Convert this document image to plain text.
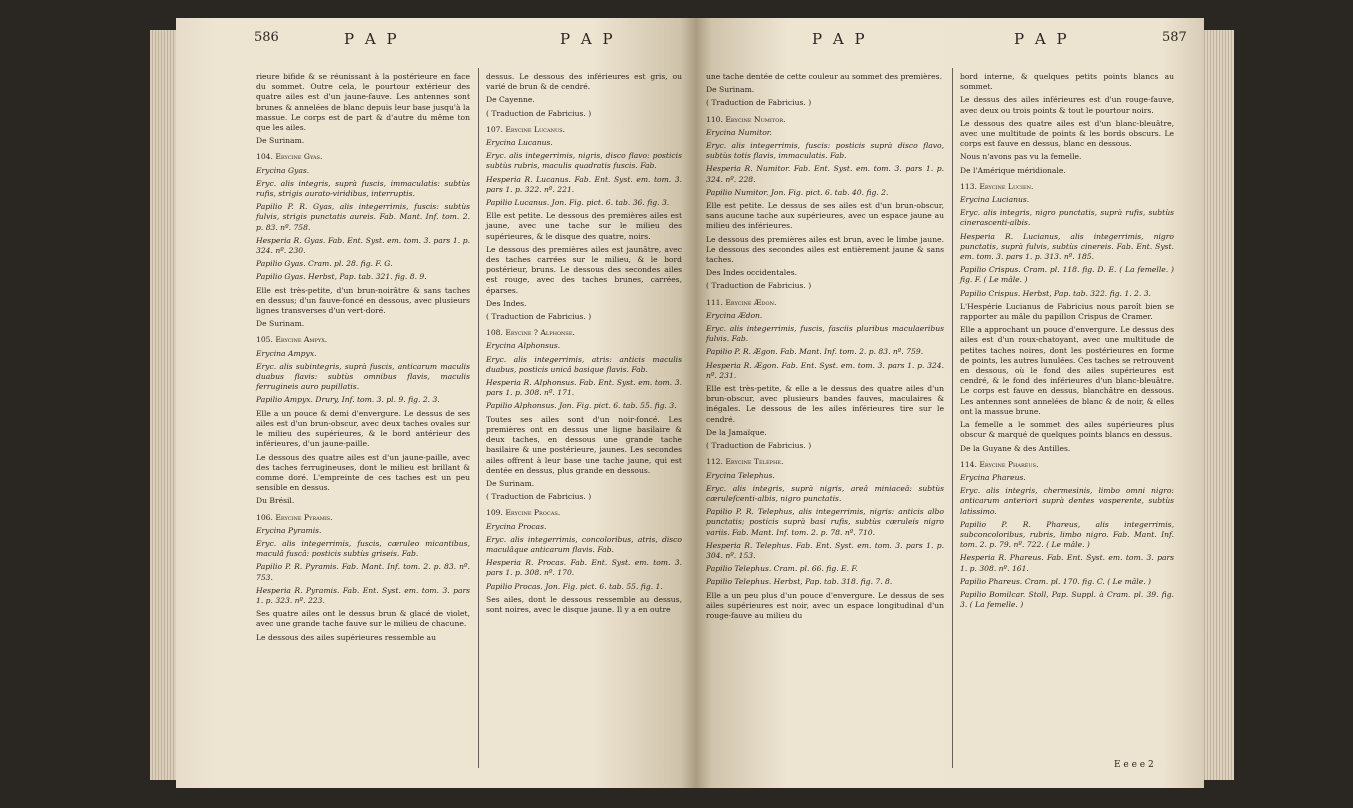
586	P A P	P A P

rieure bifide & se réunissant à la postérieure en face du sommet. Outre cela, le pourtour extérieur des quatre ailes est d'un jaune-fauve. Les antennes sont brunes & annelées de blanc depuis leur base jusqu'à la massue. Le corps est de part & d'autre du même ton que les ailes.

De Surinam.

104. Erycine Gyas.

Erycina Gyas.

Eryc. alis integris, suprà fuscis, immaculatis: subtùs rufis, strigis aurato-viridibus, interruptis.

Papilio P. R. Gyas, alis integerrimis, fuscis: subtùs fulvis, strigis punctatis aureis. Fab. Mant. Inf. tom. 2. p. 83. nº. 758.

Hesperia R. Gyas. Fab. Ent. Syst. em. tom. 3. pars 1. p. 324. nº. 230.

Papilio Gyas. Cram. pl. 28. fig. F. G.

Papilio Gyas. Herbst, Pap. tab. 321. fig. 8. 9.

Elle est très-petite, d'un brun-noirâtre & sans taches en dessus; d'un fauve-foncé en dessous, avec plusieurs lignes transverses d'un vert-doré.

De Surinam.

105. Erycine Ampyx.

Erycina Ampyx.

Eryc. alis subintegris, suprà fuscis, anticarum maculis duabus flavis: subtùs omnibus flavis, maculis ferrugineis auro pupillatis.

Papilio Ampyx. Drury, Inf. tom. 3. pl. 9. fig. 2. 3.

Elle a un pouce & demi d'envergure. Le dessus de ses ailes est d'un brun-obscur, avec deux taches ovales sur le milieu des supérieures, & le bord antérieur des inférieures, d'un jaune-paille.

Le dessous des quatre ailes est d'un jaune-paille, avec des taches ferrugineuses, dont le milieu est brillant & comme doré. L'empreinte de ces taches est un peu sensible en dessus.

Du Brésil.

106. Erycine Pyramis.

Erycina Pyramis.

Eryc. alis integerrimis, fuscis, cæruleo micantibus, maculâ fuscâ: posticis subtùs griseis. Fab.

Papilio P. R. Pyramis. Fab. Mant. Inf. tom. 2. p. 83. nº. 753.

Hesperia R. Pyramis. Fab. Ent. Syst. em. tom. 3. pars 1. p. 323. nº. 223.

Ses quatre ailes ont le dessus brun & glacé de violet, avec une grande tache fauve sur le milieu de chacune.

Le dessous des ailes supérieures ressemble au

dessus. Le dessous des inférieures est gris, ou varié de brun & de cendré.

De Cayenne.

( Traduction de Fabricius. )

107. Erycine Lucanus.

Erycina Lucanus.

Eryc. alis integerrimis, nigris, disco flavo: posticis subtùs rubris, maculis quadratis fuscis. Fab.

Hesperia R. Lucanus. Fab. Ent. Syst. em. tom. 3. pars 1. p. 322. nº. 221.

Papilio Lucanus. Jon. Fig. pict. 6. tab. 36. fig. 3.

Elle est petite. Le dessous des premières ailes est jaune, avec une tache sur le milieu des supérieures, & le disque des quatre, noirs.

Le dessous des premières ailes est jaunâtre, avec des taches carrées sur le milieu, & le bord postérieur, bruns. Le dessous des secondes ailes est rouge, avec des taches brunes, carrées, éparses.

Des Indes.

( Traduction de Fabricius. )

108. Erycine ? Alphonse.

Erycina Alphonsus.

Eryc. alis integerrimis, atris: anticis maculis duabus, posticis unicâ basique flavis. Fab.

Hesperia R. Alphonsus. Fab. Ent. Syst. em. tom. 3. pars 1. p. 308. nº. 171.

Papilio Alphonsus. Jon. Fig. pict. 6. tab. 55. fig. 3.

Toutes ses ailes sont d'un noir-foncé. Les premières ont en dessus une ligne basilaire & deux taches, en dessous une grande tache basilaire & une postérieure, jaunes. Les secondes ailes offrent à leur base une tache jaune, qui est dentée en dessus, plus grande en dessous.

De Surinam.

( Traduction de Fabricius. )

109. Erycine Procas.

Erycina Procas.

Eryc. alis integerrimis, concoloribus, atris, disco maculâque anticarum flavis. Fab.

Hesperia R. Procas. Fab. Ent. Syst. em. tom. 3. pars 1. p. 308. nº. 170.

Papilio Procas. Jon. Fig. pict. 6. tab. 55. fig. 1.

Ses ailes, dont le dessous ressemble au dessus, sont noires, avec le disque jaune. Il y a en outre

P A P	P A P	587

une tache dentée de cette couleur au sommet des premières.

De Surinam.

( Traduction de Fabricius. )

110. Erycine Numitor.

Erycina Numitor.

Eryc. alis integerrimis, fuscis: posticis suprà disco flavo, subtùs totis flavis, immaculatis. Fab.

Hesperia R. Numitor. Fab. Ent. Syst. em. tom. 3. pars 1. p. 324. nº. 228.

Papilio Numitor. Jon. Fig. pict. 6. tab. 40. fig. 2.

Elle est petite. Le dessus de ses ailes est d'un brun-obscur, sans aucune tache aux supérieures, avec un espace jaune au milieu des inférieures.

Le dessous des premières ailes est brun, avec le limbe jaune. Le dessous des secondes ailes est entièrement jaune & sans taches.

Des Indes occidentales.

( Traduction de Fabricius. )

111. Erycine Ædon.

Erycina Ædon.

Eryc. alis integerrimis, fuscis, fasciis pluribus maculaeribus fulvis. Fab.

Papilio P. R. Ægon. Fab. Mant. Inf. tom. 2. p. 83. nº. 759.

Hesperia R. Ægon. Fab. Ent. Syst. em. tom. 3. pars 1. p. 324. nº. 231.

Elle est très-petite, & elle a le dessus des quatre ailes d'un brun-obscur, avec plusieurs bandes fauves, maculaires & inégales. Le dessous de les ailes inférieures tire sur le cendré.

De la Jamaïque.

( Traduction de Fabricius. )

112. Erycine Téléphe.

Erycina Telephus.

Eryc. alis integris, suprà nigris, areâ miniaceâ: subtùs cæruleſcenti-albis, nigro punctatis.

Papilio P. R. Telephus, alis integerrimis, nigris: anticis albo punctatis; posticis suprà basi rufis, subtùs cæruleis nigro variis. Fab. Mant. Inf. tom. 2. p. 78. nº. 710.

Hesperia R. Telephus. Fab. Ent. Syst. em. tom. 3. pars 1. p. 304. nº. 153.

Papilio Telephus. Cram. pl. 66. fig. E. F.

Papilio Telephus. Herbst, Pap. tab. 318. fig. 7. 8.

Elle a un peu plus d'un pouce d'envergure. Le dessus de ses ailes supérieures est noir, avec un espace longitudinal d'un rouge-fauve au milieu du

bord interne, & quelques petits points blancs au sommet.

Le dessus des ailes inférieures est d'un rouge-fauve, avec deux ou trois points & tout le pourtour noirs.

Le dessous des quatre ailes est d'un blanc-bleuâtre, avec une multitude de points & les bords obscurs. Le corps est fauve en dessus, blanc en dessous.

Nous n'avons pas vu la femelle.

De l'Amérique méridionale.

113. Erycine Lucien.

Erycina Lucianus.

Eryc. alis integris, nigro punctatis, suprà rufis, subtùs cinerascenti-albis.

Hesperia R. Lucianus, alis integerrimis, nigro punctatis, suprà fulvis, subtùs cinereis. Fab. Ent. Syst. em. tom. 3. pars 1. p. 313. nº. 185.

Papilio Crispus. Cram. pl. 118. fig. D. E. ( La femelle. ) fig. F. ( Le mâle. )

Papilio Crispus. Herbst, Pap. tab. 322. fig. 1. 2. 3.

L'Hespérie Lucianus de Fabricius nous paroît bien se rapporter au mâle du papillon Crispus de Cramer.

Elle a approchant un pouce d'envergure. Le dessus des ailes est d'un roux-chatoyant, avec une multitude de petites taches noires, dont les postérieures en forme de points, les autres lunulées. Ces taches se retrouvent en dessous, où le fond des ailes supérieures est cendré, & le fond des inférieures d'un blanc-bleuâtre. Le corps est fauve en dessus, blanchâtre en dessous. Les antennes sont annelées de blanc & de noir, & elles ont la massue brune.

La femelle a le sommet des ailes supérieures plus obscur & marqué de quelques points blancs en dessus.

De la Guyane & des Antilles.

114. Erycine Pharéus.

Erycina Phareus.

Eryc. alis integris, chermesinis, limbo omni nigro: anticarum anteriori suprà dentes vasperente, subtùs latissimo.

Papilio P. R. Phareus, alis integerrimis, subconcoloribus, rubris, limbo nigro. Fab. Mant. Inf. tom. 2. p. 79. nº. 722. ( Le mâle. )

Hesperia R. Phareus. Fab. Ent. Syst. em. tom. 3. pars 1. p. 308. nº. 161.

Papilio Phareus. Cram. pl. 170. fig. C. ( Le mâle. )

Papilio Bomilcar. Stoll, Pap. Suppl. à Cram. pl. 39. fig. 3. ( La femelle. )

E e e e 2
